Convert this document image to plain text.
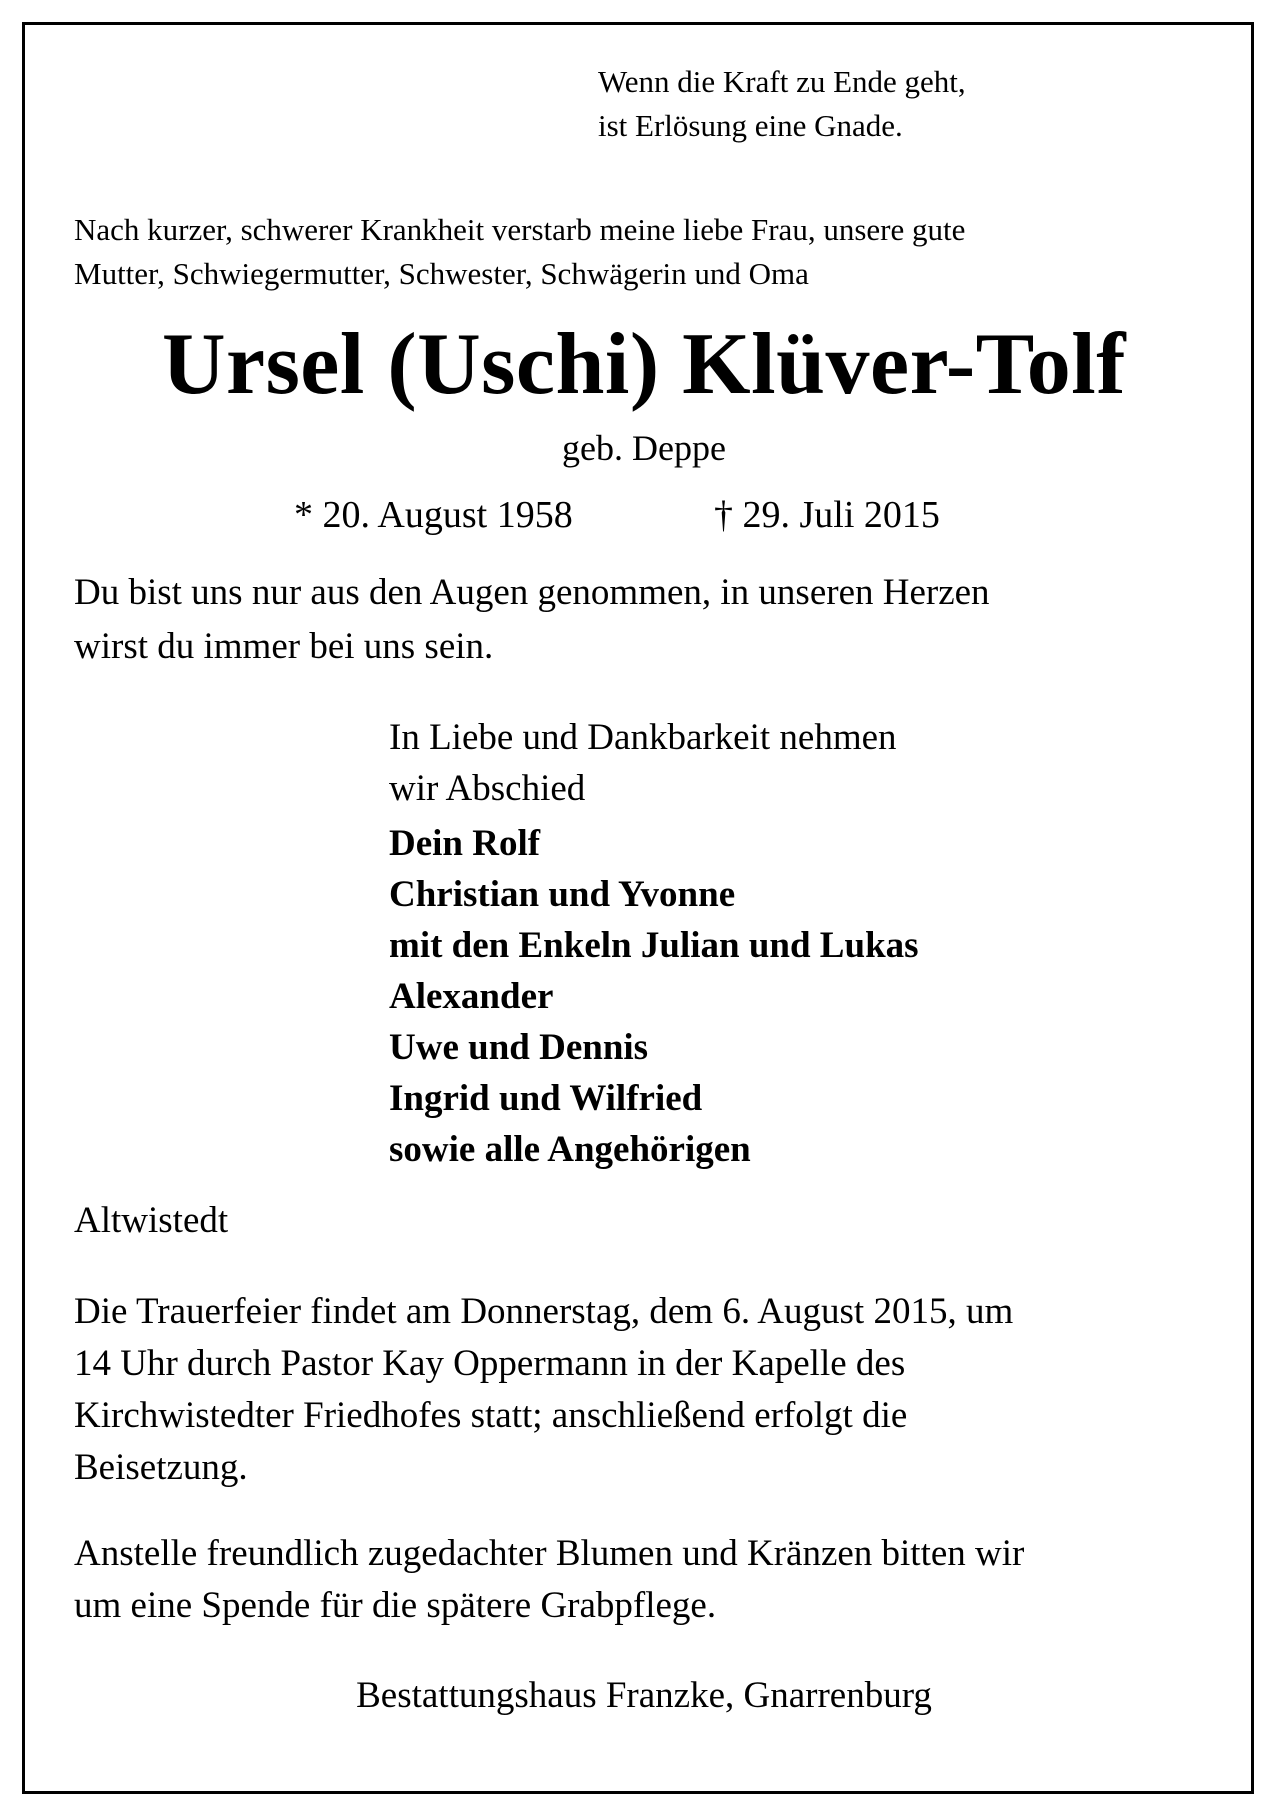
Wenn die Kraft zu Ende geht,
ist Erlösung eine Gnade.
Nach kurzer, schwerer Krankheit verstarb meine liebe Frau, unsere gute
Mutter, Schwiegermutter, Schwester, Schwägerin und Oma
Ursel (Uschi) Klüver-Tolf
geb. Deppe
* 20. August 1958	† 29. Juli 2015
Du bist uns nur aus den Augen genommen, in unseren Herzen
wirst du immer bei uns sein.
In Liebe und Dankbarkeit nehmen
wir Abschied
Dein Rolf
Christian und Yvonne
mit den Enkeln Julian und Lukas
Alexander
Uwe und Dennis
Ingrid und Wilfried
sowie alle Angehörigen
Altwistedt
Die Trauerfeier findet am Donnerstag, dem 6. August 2015, um
14 Uhr durch Pastor Kay Oppermann in der Kapelle des
Kirchwistedter Friedhofes statt; anschließend erfolgt die
Beisetzung.
Anstelle freundlich zugedachter Blumen und Kränzen bitten wir
um eine Spende für die spätere Grabpflege.
Bestattungshaus Franzke, Gnarrenburg
